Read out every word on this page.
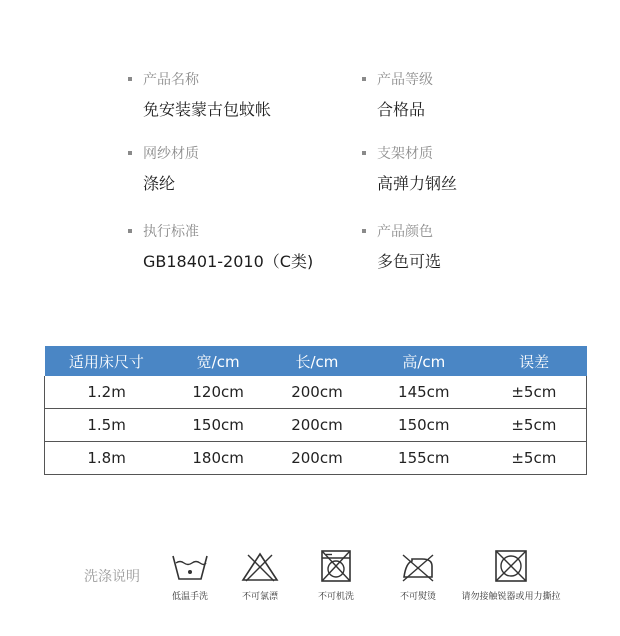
产品名称
免安装蒙古包蚊帐
产品等级
合格品
网纱材质
涤纶
支架材质
高弹力钢丝
执行标准
GB18401-2010（C类)
产品颜色
多色可选
适用床尺寸	宽/cm	长/cm	高/cm	误差
1.2m	120cm	200cm	145cm	±5cm
1.5m	150cm	200cm	150cm	±5cm
1.8m	180cm	200cm	155cm	±5cm
洗涤说明
低温手洗	不可氯漂	不可机洗	不可熨烫	请勿接触锐器或用力撕拉
